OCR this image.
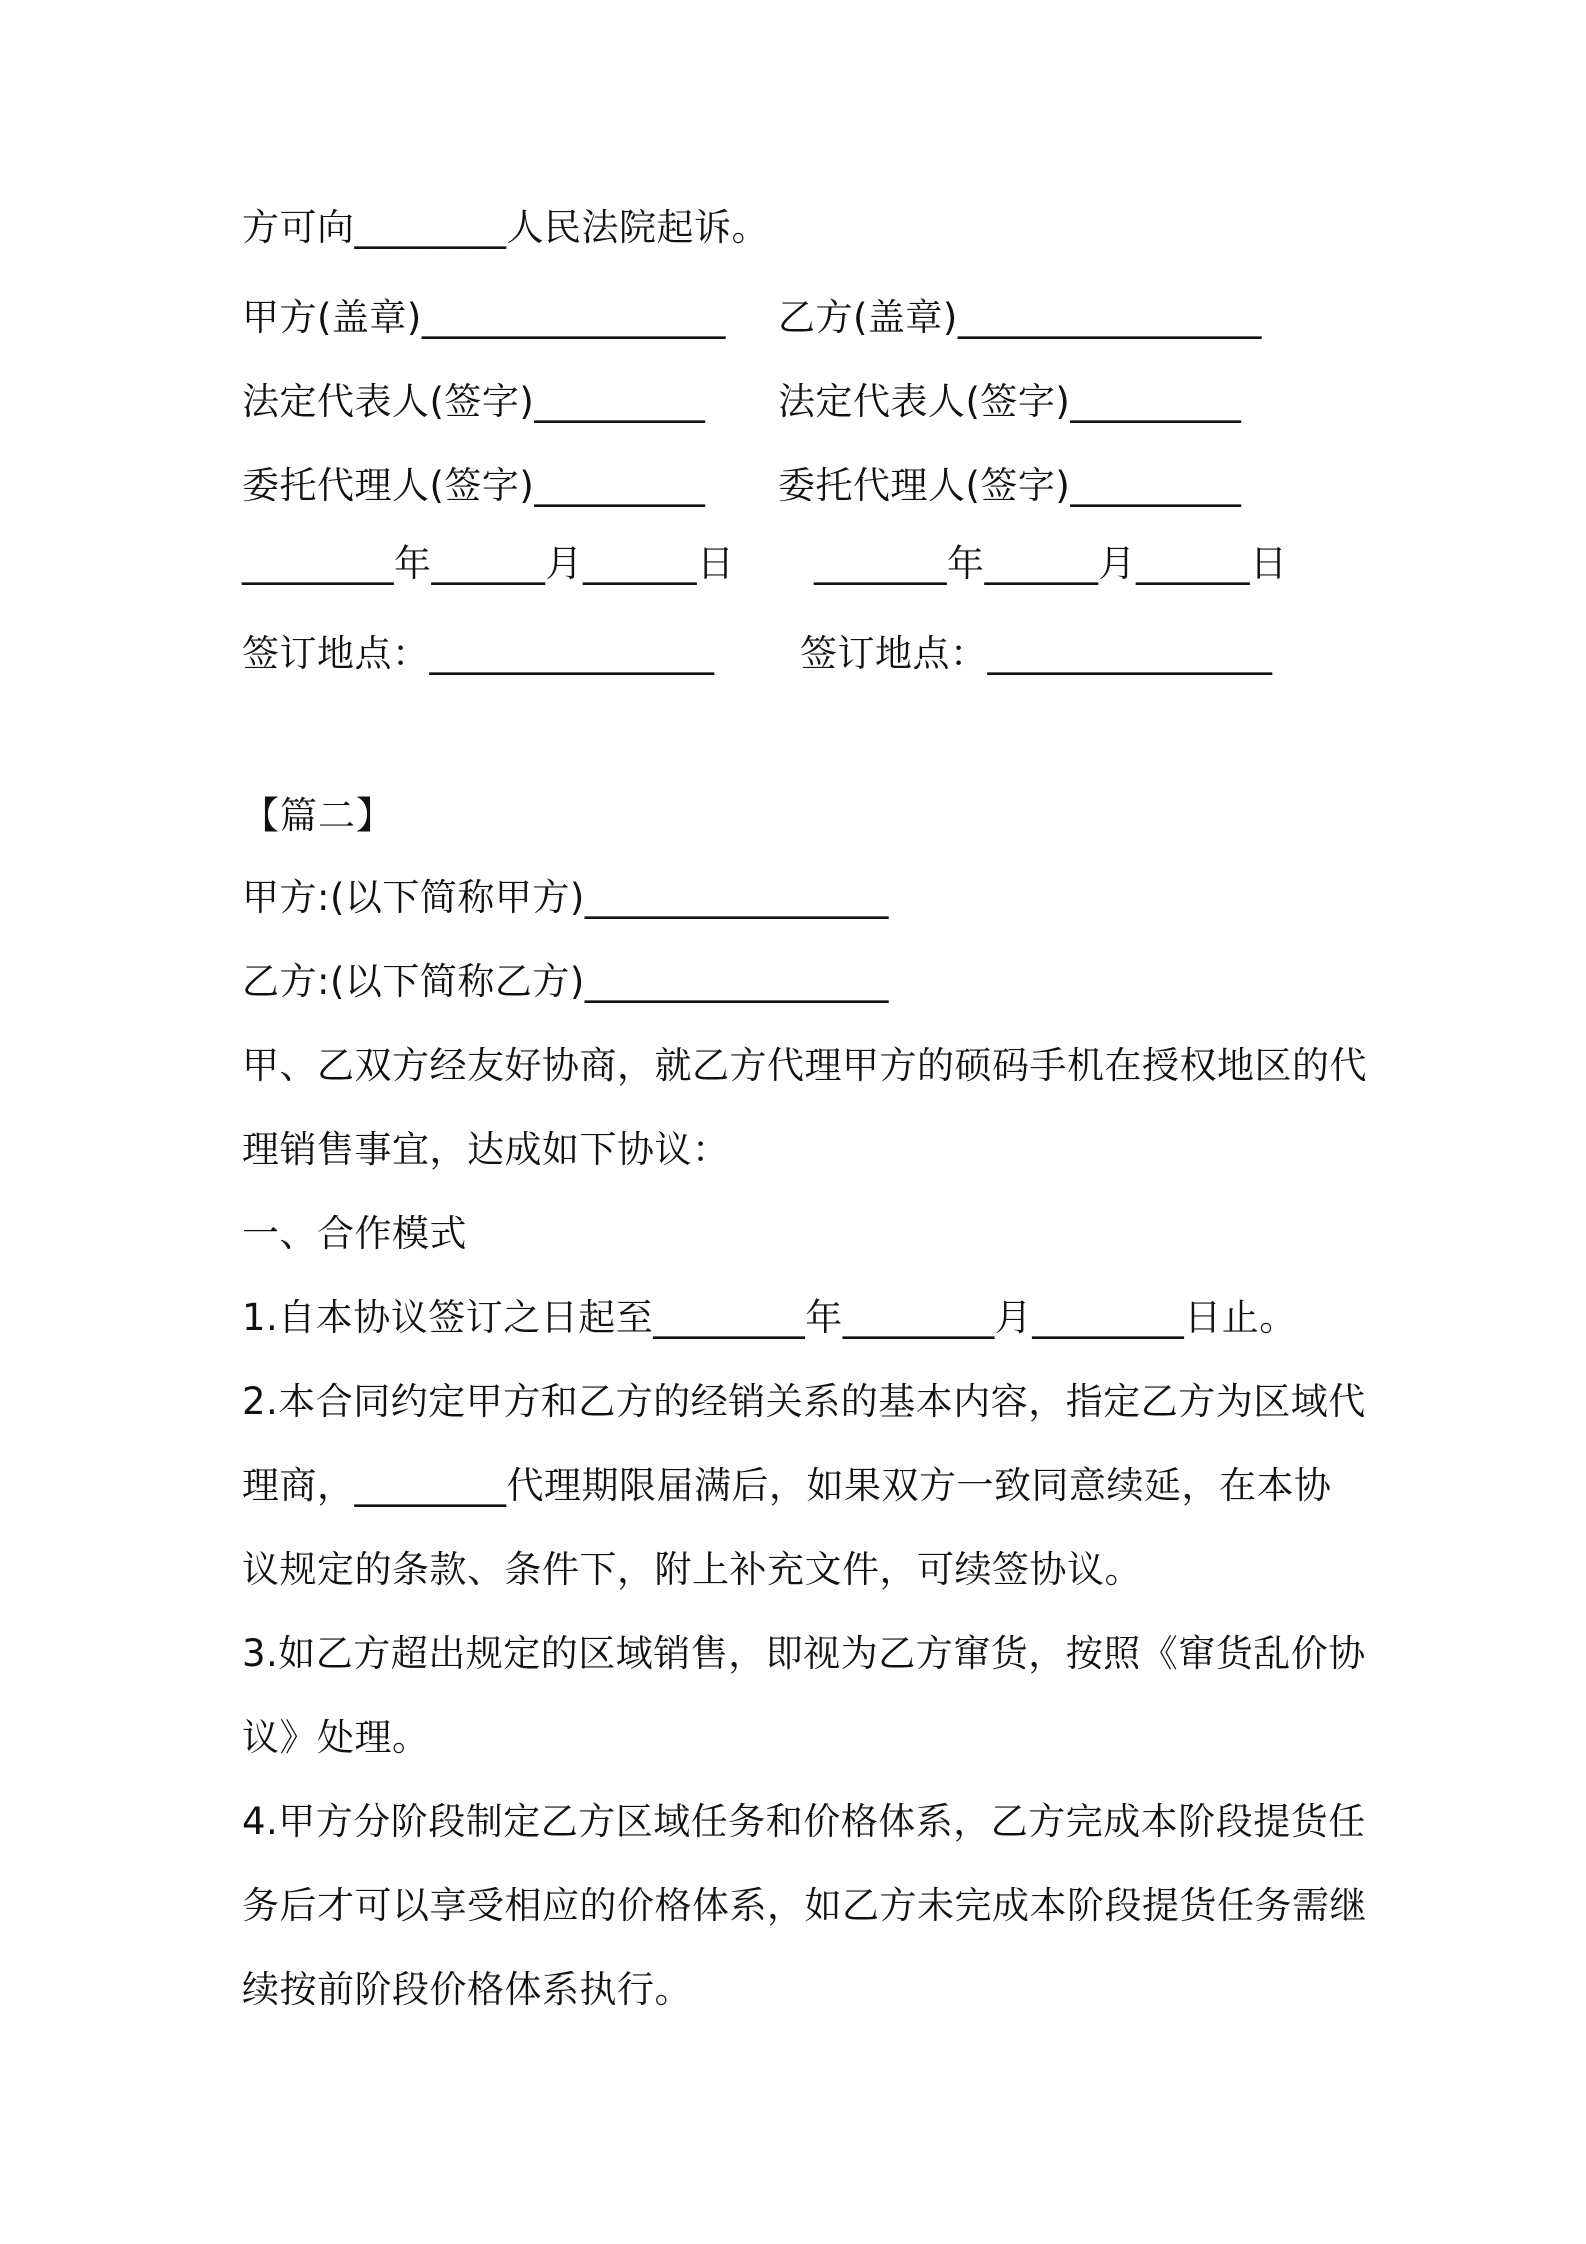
方可向________人民法院起诉。
甲方(盖章)________________ 乙方(盖章)________________
法定代表人(签字)_________ 法定代表人(签字)_________
委托代理人(签字)_________ 委托代理人(签字)_________
________年______月______日 _______年______月______日
签订地点：_______________ 签订地点：_______________
【篇二】
甲方:(以下简称甲方)________________
乙方:(以下简称乙方)________________
甲、乙双方经友好协商，就乙方代理甲方的硕码手机在授权地区的代
理销售事宜，达成如下协议：
一、合作模式
1.自本协议签订之日起至________年________月________日止。
2.本合同约定甲方和乙方的经销关系的基本内容，指定乙方为区域代
理商，________代理期限届满后，如果双方一致同意续延，在本协
议规定的条款、条件下，附上补充文件，可续签协议。
3.如乙方超出规定的区域销售，即视为乙方窜货，按照《窜货乱价协
议》处理。
4.甲方分阶段制定乙方区域任务和价格体系，乙方完成本阶段提货任
务后才可以享受相应的价格体系，如乙方未完成本阶段提货任务需继
续按前阶段价格体系执行。
